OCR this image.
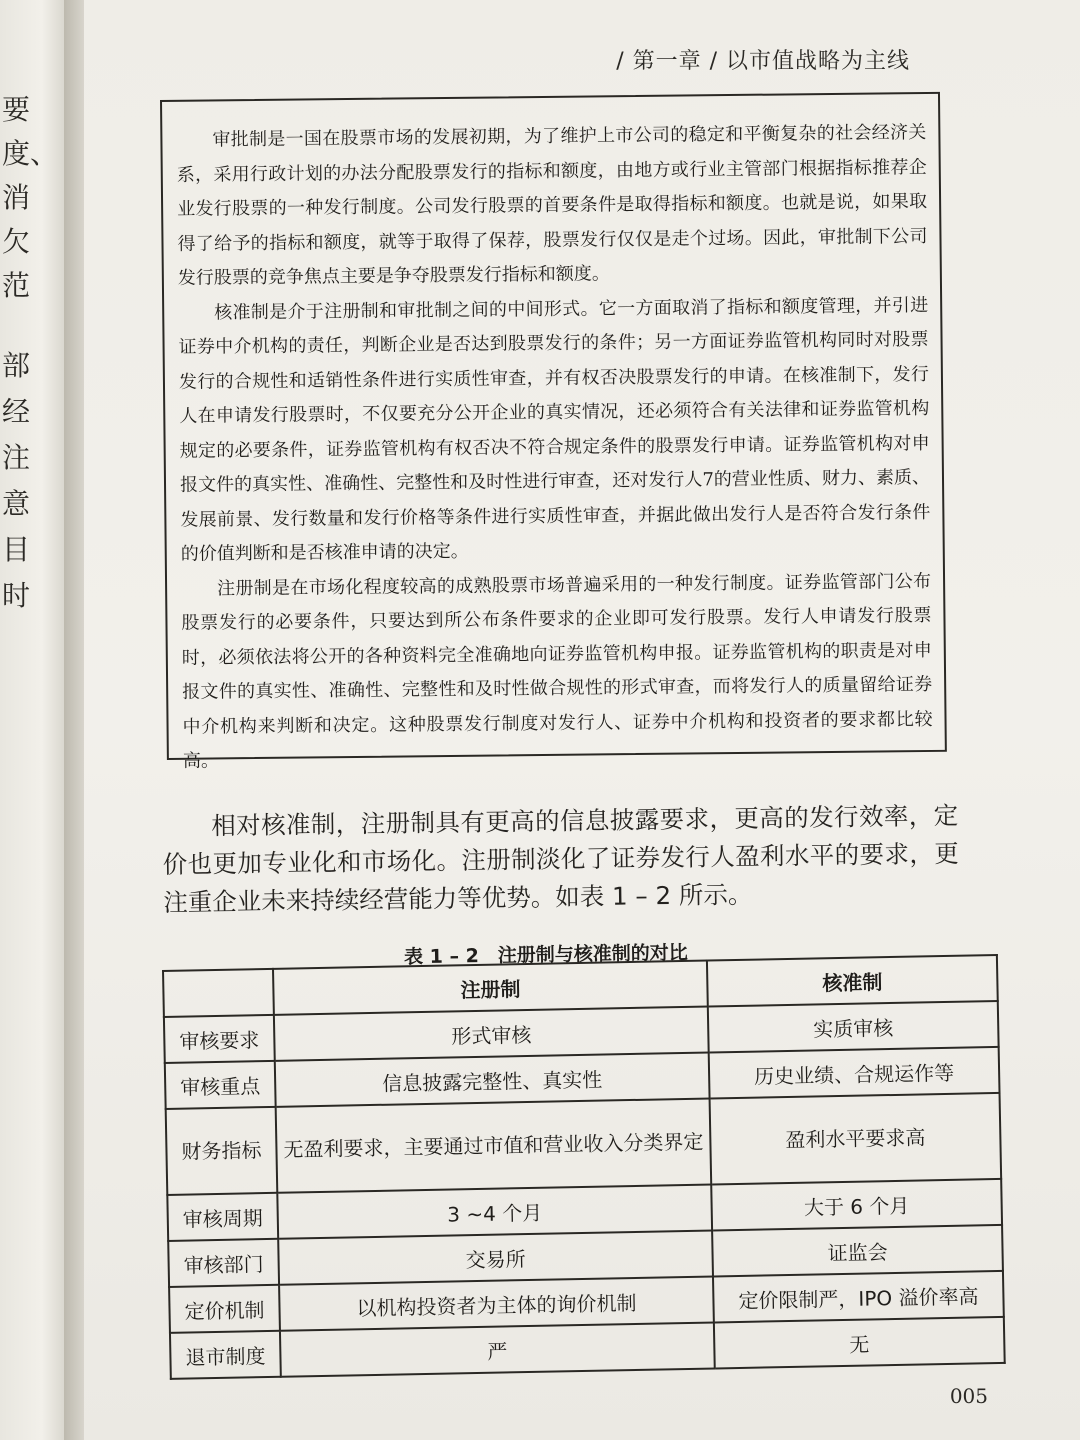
要
度、
消
欠
范
部
经
注
意
目
时
/ 第一章 / 以市值战略为主线

审批制是一国在股票市场的发展初期，为了维护上市公司的稳定和平衡复杂的社会经济关系，采用行政计划的办法分配股票发行的指标和额度，由地方或行业主管部门根据指标推荐企业发行股票的一种发行制度。公司发行股票的首要条件是取得指标和额度。也就是说，如果取得了给予的指标和额度，就等于取得了保荐，股票发行仅仅是走个过场。因此，审批制下公司发行股票的竞争焦点主要是争夺股票发行指标和额度。

核准制是介于注册制和审批制之间的中间形式。它一方面取消了指标和额度管理，并引进证券中介机构的责任，判断企业是否达到股票发行的条件；另一方面证券监管机构同时对股票发行的合规性和适销性条件进行实质性审查，并有权否决股票发行的申请。在核准制下，发行人在申请发行股票时，不仅要充分公开企业的真实情况，还必须符合有关法律和证券监管机构规定的必要条件，证券监管机构有权否决不符合规定条件的股票发行申请。证券监管机构对申报文件的真实性、准确性、完整性和及时性进行审查，还对发行人7的营业性质、财力、素质、发展前景、发行数量和发行价格等条件进行实质性审查，并据此做出发行人是否符合发行条件的价值判断和是否核准申请的决定。

注册制是在市场化程度较高的成熟股票市场普遍采用的一种发行制度。证券监管部门公布股票发行的必要条件，只要达到所公布条件要求的企业即可发行股票。发行人申请发行股票时，必须依法将公开的各种资料完全准确地向证券监管机构申报。证券监管机构的职责是对申报文件的真实性、准确性、完整性和及时性做合规性的形式审查，而将发行人的质量留给证券中介机构来判断和决定。这种股票发行制度对发行人、证券中介机构和投资者的要求都比较高。

相对核准制，注册制具有更高的信息披露要求，更高的发行效率，定价也更加专业化和市场化。注册制淡化了证券发行人盈利水平的要求，更注重企业未来持续经营能力等优势。如表 1 – 2 所示。

表 1 – 2　注册制与核准制的对比
	注册制	核准制
审核要求	形式审核	实质审核
审核重点	信息披露完整性、真实性	历史业绩、合规运作等
财务指标	无盈利要求，主要通过市值和营业收入分类界定	盈利水平要求高
审核周期	3 ~4 个月	大于 6 个月
审核部门	交易所	证监会
定价机制	以机构投资者为主体的询价机制	定价限制严，IPO 溢价率高
退市制度	严	无
005
